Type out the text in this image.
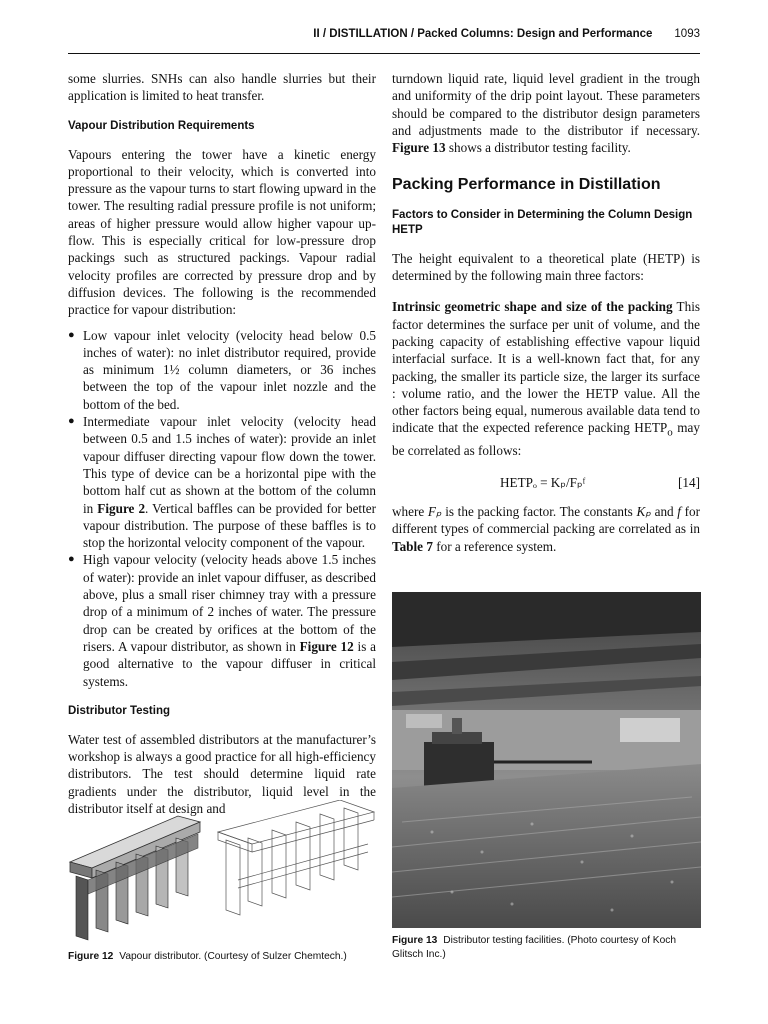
II / DISTILLATION / Packed Columns: Design and Performance 1093

some slurries. SNHs can also handle slurries but their application is limited to heat transfer.

Vapour Distribution Requirements

Vapours entering the tower have a kinetic energy proportional to their velocity, which is converted into pressure as the vapour turns to start flowing upward in the tower. The resulting radial pressure profile is not uniform; areas of higher pressure would allow higher vapour up-flow. This is especially critical for low-pressure drop packings such as structured packings. Vapour radial velocity profiles are corrected by pressure drop and by diffusion devices. The following is the recommended practice for vapour distribution:

● Low vapour inlet velocity (velocity head below 0.5 inches of water): no inlet distributor required, provide as minimum 1½ column diameters, or 36 inches between the top of the vapour inlet nozzle and the bottom of the bed.
● Intermediate vapour inlet velocity (velocity head between 0.5 and 1.5 inches of water): provide an inlet vapour diffuser directing vapour flow down the tower. This type of device can be a horizontal pipe with the bottom half cut as shown at the bottom of the column in Figure 2. Vertical baffles can be provided for better vapour distribution. The purpose of these baffles is to stop the horizontal velocity component of the vapour.
● High vapour velocity (velocity heads above 1.5 inches of water): provide an inlet vapour diffuser, as described above, plus a small riser chimney tray with a pressure drop of a minimum of 2 inches of water. The pressure drop can be created by orifices at the bottom of the risers. A vapour distributor, as shown in Figure 12 is a good alternative to the vapour diffuser in critical systems.
Distributor Testing

Water test of assembled distributors at the manufacturer’s workshop is always a good practice for all high-efficiency distributors. The test should determine liquid rate gradients under the distributor, liquid level in the distributor itself at design and

turndown liquid rate, liquid level gradient in the trough and uniformity of the drip point layout. These parameters should be compared to the distributor design parameters and adjustments made to the distributor if necessary. Figure 13 shows a distributor testing facility.

Packing Performance in Distillation
Factors to Consider in Determining the Column Design HETP

The height equivalent to a theoretical plate (HETP) is determined by the following main three factors:

Intrinsic geometric shape and size of the packing This factor determines the surface per unit of volume, and the packing capacity of establishing effective vapour liquid interfacial surface. It is a well-known fact that, for any packing, the smaller its particle size, the larger its surface : volume ratio, and the lower the HETP value. All the other factors being equal, numerous available data tend to indicate that the expected reference packing $HETP_o$ may be correlated as follows:

HETPₒ = Kₚ/Fₚᶠ	[14]

where Fₚ is the packing factor. The constants Kₚ and f for different types of commercial packing are correlated as in Table 7 for a reference system.

Figure 12 Vapour distributor. (Courtesy of Sulzer Chemtech.)
Figure 13 Distributor testing facilities. (Photo courtesy of Koch Glitsch Inc.)
